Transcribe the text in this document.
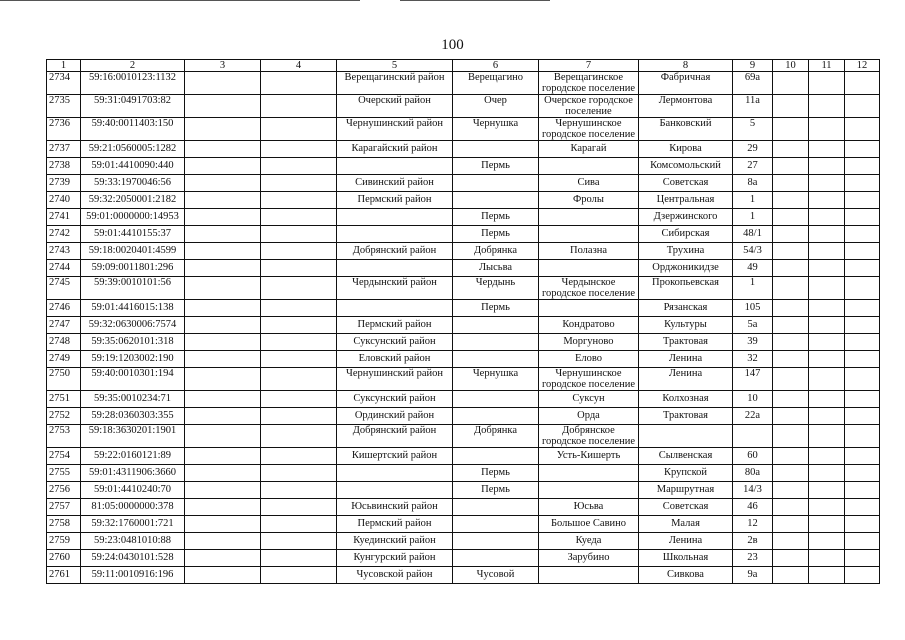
100
1	2	3	4	5	6	7	8	9	10	11	12
2734	59:16:0010123:1132			Верещагинский район	Верещагино	Верещагинское городское поселение	Фабричная	69а			
2735	59:31:0491703:82			Очерский район	Очер	Очерское городское поселение	Лермонтова	11а			
2736	59:40:0011403:150			Чернушинский район	Чернушка	Чернушинское городское поселение	Банковский	5			
2737	59:21:0560005:1282			Карагайский район		Карагай	Кирова	29			
2738	59:01:4410090:440				Пермь		Комсомольский	27			
2739	59:33:1970046:56			Сивинский район		Сива	Советская	8а			
2740	59:32:2050001:2182			Пермский район		Фролы	Центральная	1			
2741	59:01:0000000:14953				Пермь		Дзержинского	1			
2742	59:01:4410155:37				Пермь		Сибирская	48/1			
2743	59:18:0020401:4599			Добрянский район	Добрянка	Полазна	Трухина	54/3			
2744	59:09:0011801:296				Лысьва		Орджоникидзе	49			
2745	59:39:0010101:56			Чердынский район	Чердынь	Чердынское городское поселение	Прокопьевская	1			
2746	59:01:4416015:138				Пермь		Рязанская	105			
2747	59:32:0630006:7574			Пермский район		Кондратово	Культуры	5а			
2748	59:35:0620101:318			Суксунский район		Моргуново	Трактовая	39			
2749	59:19:1203002:190			Еловский район		Елово	Ленина	32			
2750	59:40:0010301:194			Чернушинский район	Чернушка	Чернушинское городское поселение	Ленина	147			
2751	59:35:0010234:71			Суксунский район		Суксун	Колхозная	10			
2752	59:28:0360303:355			Ординский район		Орда	Трактовая	22а			
2753	59:18:3630201:1901			Добрянский район	Добрянка	Добрянское городское поселение					
2754	59:22:0160121:89			Кишертский район		Усть-Кишерть	Сылвенская	60			
2755	59:01:4311906:3660				Пермь		Крупской	80а			
2756	59:01:4410240:70				Пермь		Маршрутная	14/3			
2757	81:05:0000000:378			Юсьвинский район		Юсьва	Советская	46			
2758	59:32:1760001:721			Пермский район		Большое Савино	Малая	12			
2759	59:23:0481010:88			Куединский район		Куеда	Ленина	2в			
2760	59:24:0430101:528			Кунгурский район		Зарубино	Школьная	23			
2761	59:11:0010916:196			Чусовской район	Чусовой		Сивкова	9а			
